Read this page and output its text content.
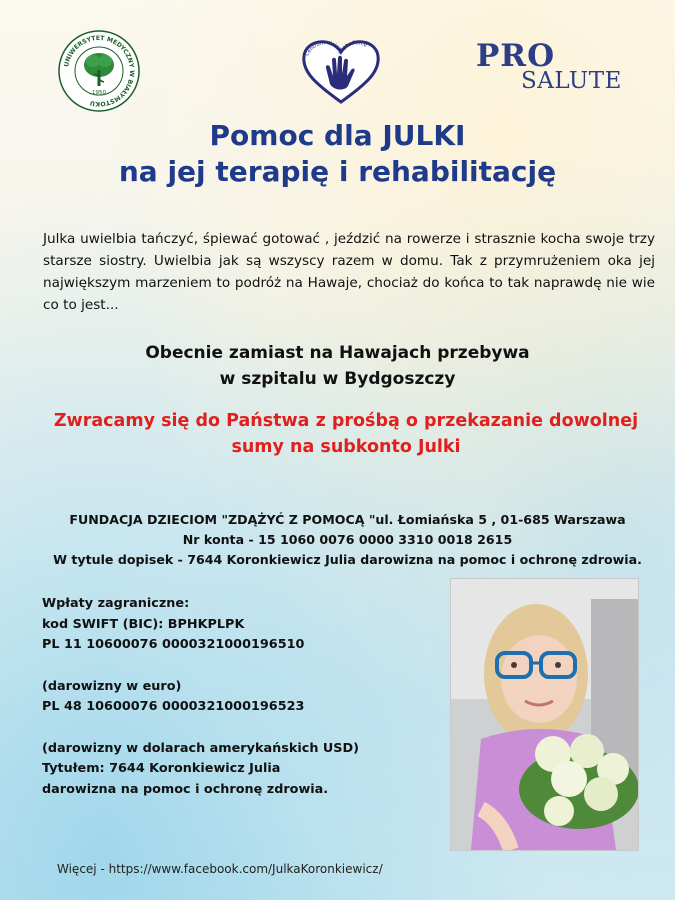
UNIWERSYTET MEDYCZNY W BIAŁYMSTOKU
1950
Centrum Wolontariatu Serce	PRO
SALUTE
Pomoc dla JULKI
na jej terapię i rehabilitację
Julka uwielbia tańczyć, śpiewać gotować , jeździć na rowerze i strasznie kocha swoje trzy starsze siostry. Uwielbia jak są wszyscy razem w domu. Tak z przymrużeniem oka jej największym marzeniem to podróż na Hawaje, chociaż do końca to tak naprawdę nie wie co to jest...
Obecnie zamiast na Hawajach przebywa
w szpitalu w Bydgoszczy
Zwracamy się do Państwa z prośbą o przekazanie dowolnej
sumy na subkonto Julki
FUNDACJA DZIECIOM "ZDĄŻYĆ Z POMOCĄ "ul. Łomiańska 5 , 01-685 Warszawa
Nr konta - 15 1060 0076 0000 3310 0018 2615
W tytule dopisek - 7644 Koronkiewicz Julia darowizna na pomoc i ochronę zdrowia.
Wpłaty zagraniczne:
kod SWIFT (BIC): BPHKPLPK
PL 11 10600076 0000321000196510
(darowizny w euro)
PL 48 10600076 0000321000196523
(darowizny w dolarach amerykańskich USD)
Tytułem: 7644 Koronkiewicz Julia
darowizna na pomoc i ochronę zdrowia.
Więcej - https://www.facebook.com/JulkaKoronkiewicz/
